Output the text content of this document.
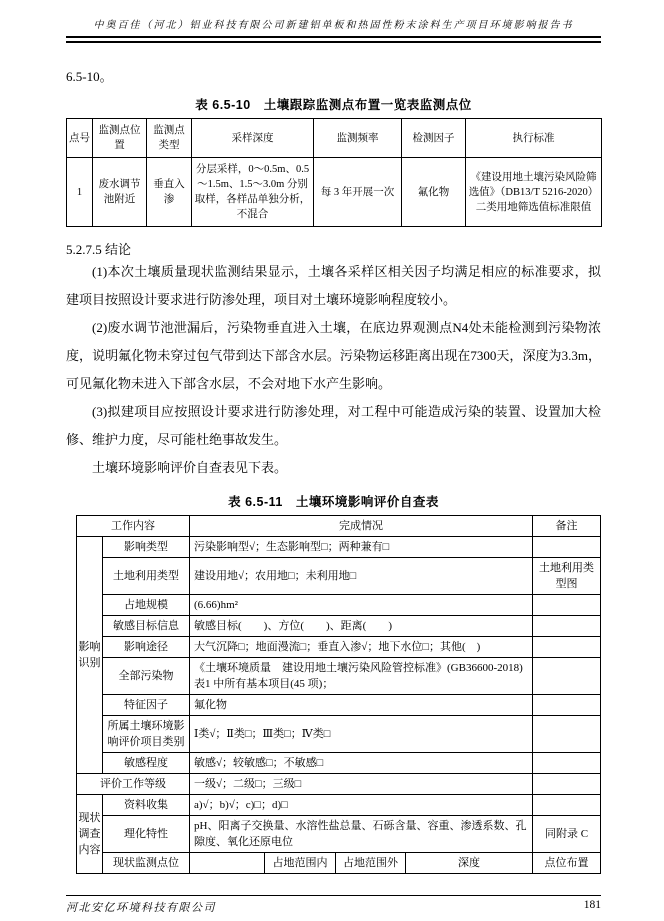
中奥百佳（河北）铝业科技有限公司新建铝单板和热固性粉末涂料生产项目环境影响报告书

6.5-10。

表 6.5-10　土壤跟踪监测点布置一览表监测点位
点号	监测点位置	监测点类型	采样深度	监测频率	检测因子	执行标准
1	废水调节池附近	垂直入渗	分层采样，0～0.5m、0.5～1.5m、1.5～3.0m 分别取样，各样品单独分析，不混合	每 3 年开展一次	氟化物	《建设用地土壤污染风险筛选值》（DB13/T 5216-2020）二类用地筛选值标准限值
5.2.7.5 结论

(1)本次土壤质量现状监测结果显示，土壤各采样区相关因子均满足相应的标准要求，拟建项目按照设计要求进行防渗处理，项目对土壤环境影响程度较小。

(2)废水调节池泄漏后，污染物垂直进入土壤，在底边界观测点N4处未能检测到污染物浓度，说明氟化物未穿过包气带到达下部含水层。污染物运移距离出现在7300天，深度为3.3m，可见氟化物未进入下部含水层，不会对地下水产生影响。

(3)拟建项目应按照设计要求进行防渗处理，对工程中可能造成污染的装置、设置加大检修、维护力度，尽可能杜绝事故发生。

土壤环境影响评价自查表见下表。

表 6.5-11　土壤环境影响评价自查表
工作内容		完成情况				备注
影响识别	影响类型	污染影响型√；生态影响型□；两种兼有□				
	土地利用类型	建设用地√；农用地□；未利用地□				土地利用类型图
	占地规模	(6.66)hm²				
	敏感目标信息	敏感目标(　　)、方位(　　)、距离(　　)				
	影响途径	大气沉降□；地面漫流□；垂直入渗√；地下水位□；其他(　)				
	全部污染物	《土壤环境质量　建设用地土壤污染风险管控标准》(GB36600-2018)表1 中所有基本项目(45 项)；				
	特征因子	氟化物				
	所属土壤环境影响评价项目类别	Ⅰ类√；Ⅱ类□；Ⅲ类□；Ⅳ类□				
	敏感程度	敏感√；较敏感□；不敏感□				
评价工作等级		一级√；二级□；三级□				
现状调查内容	资料收集	a)√；b)√；c)□；d)□				
	理化特性	pH、阳离子交换量、水溶性盐总量、石砾含量、容重、渗透系数、孔隙度、氧化还原电位				同附录 C
	现状监测点位		占地范围内	占地范围外	深度	点位布置
河北安亿环境科技有限公司	181
